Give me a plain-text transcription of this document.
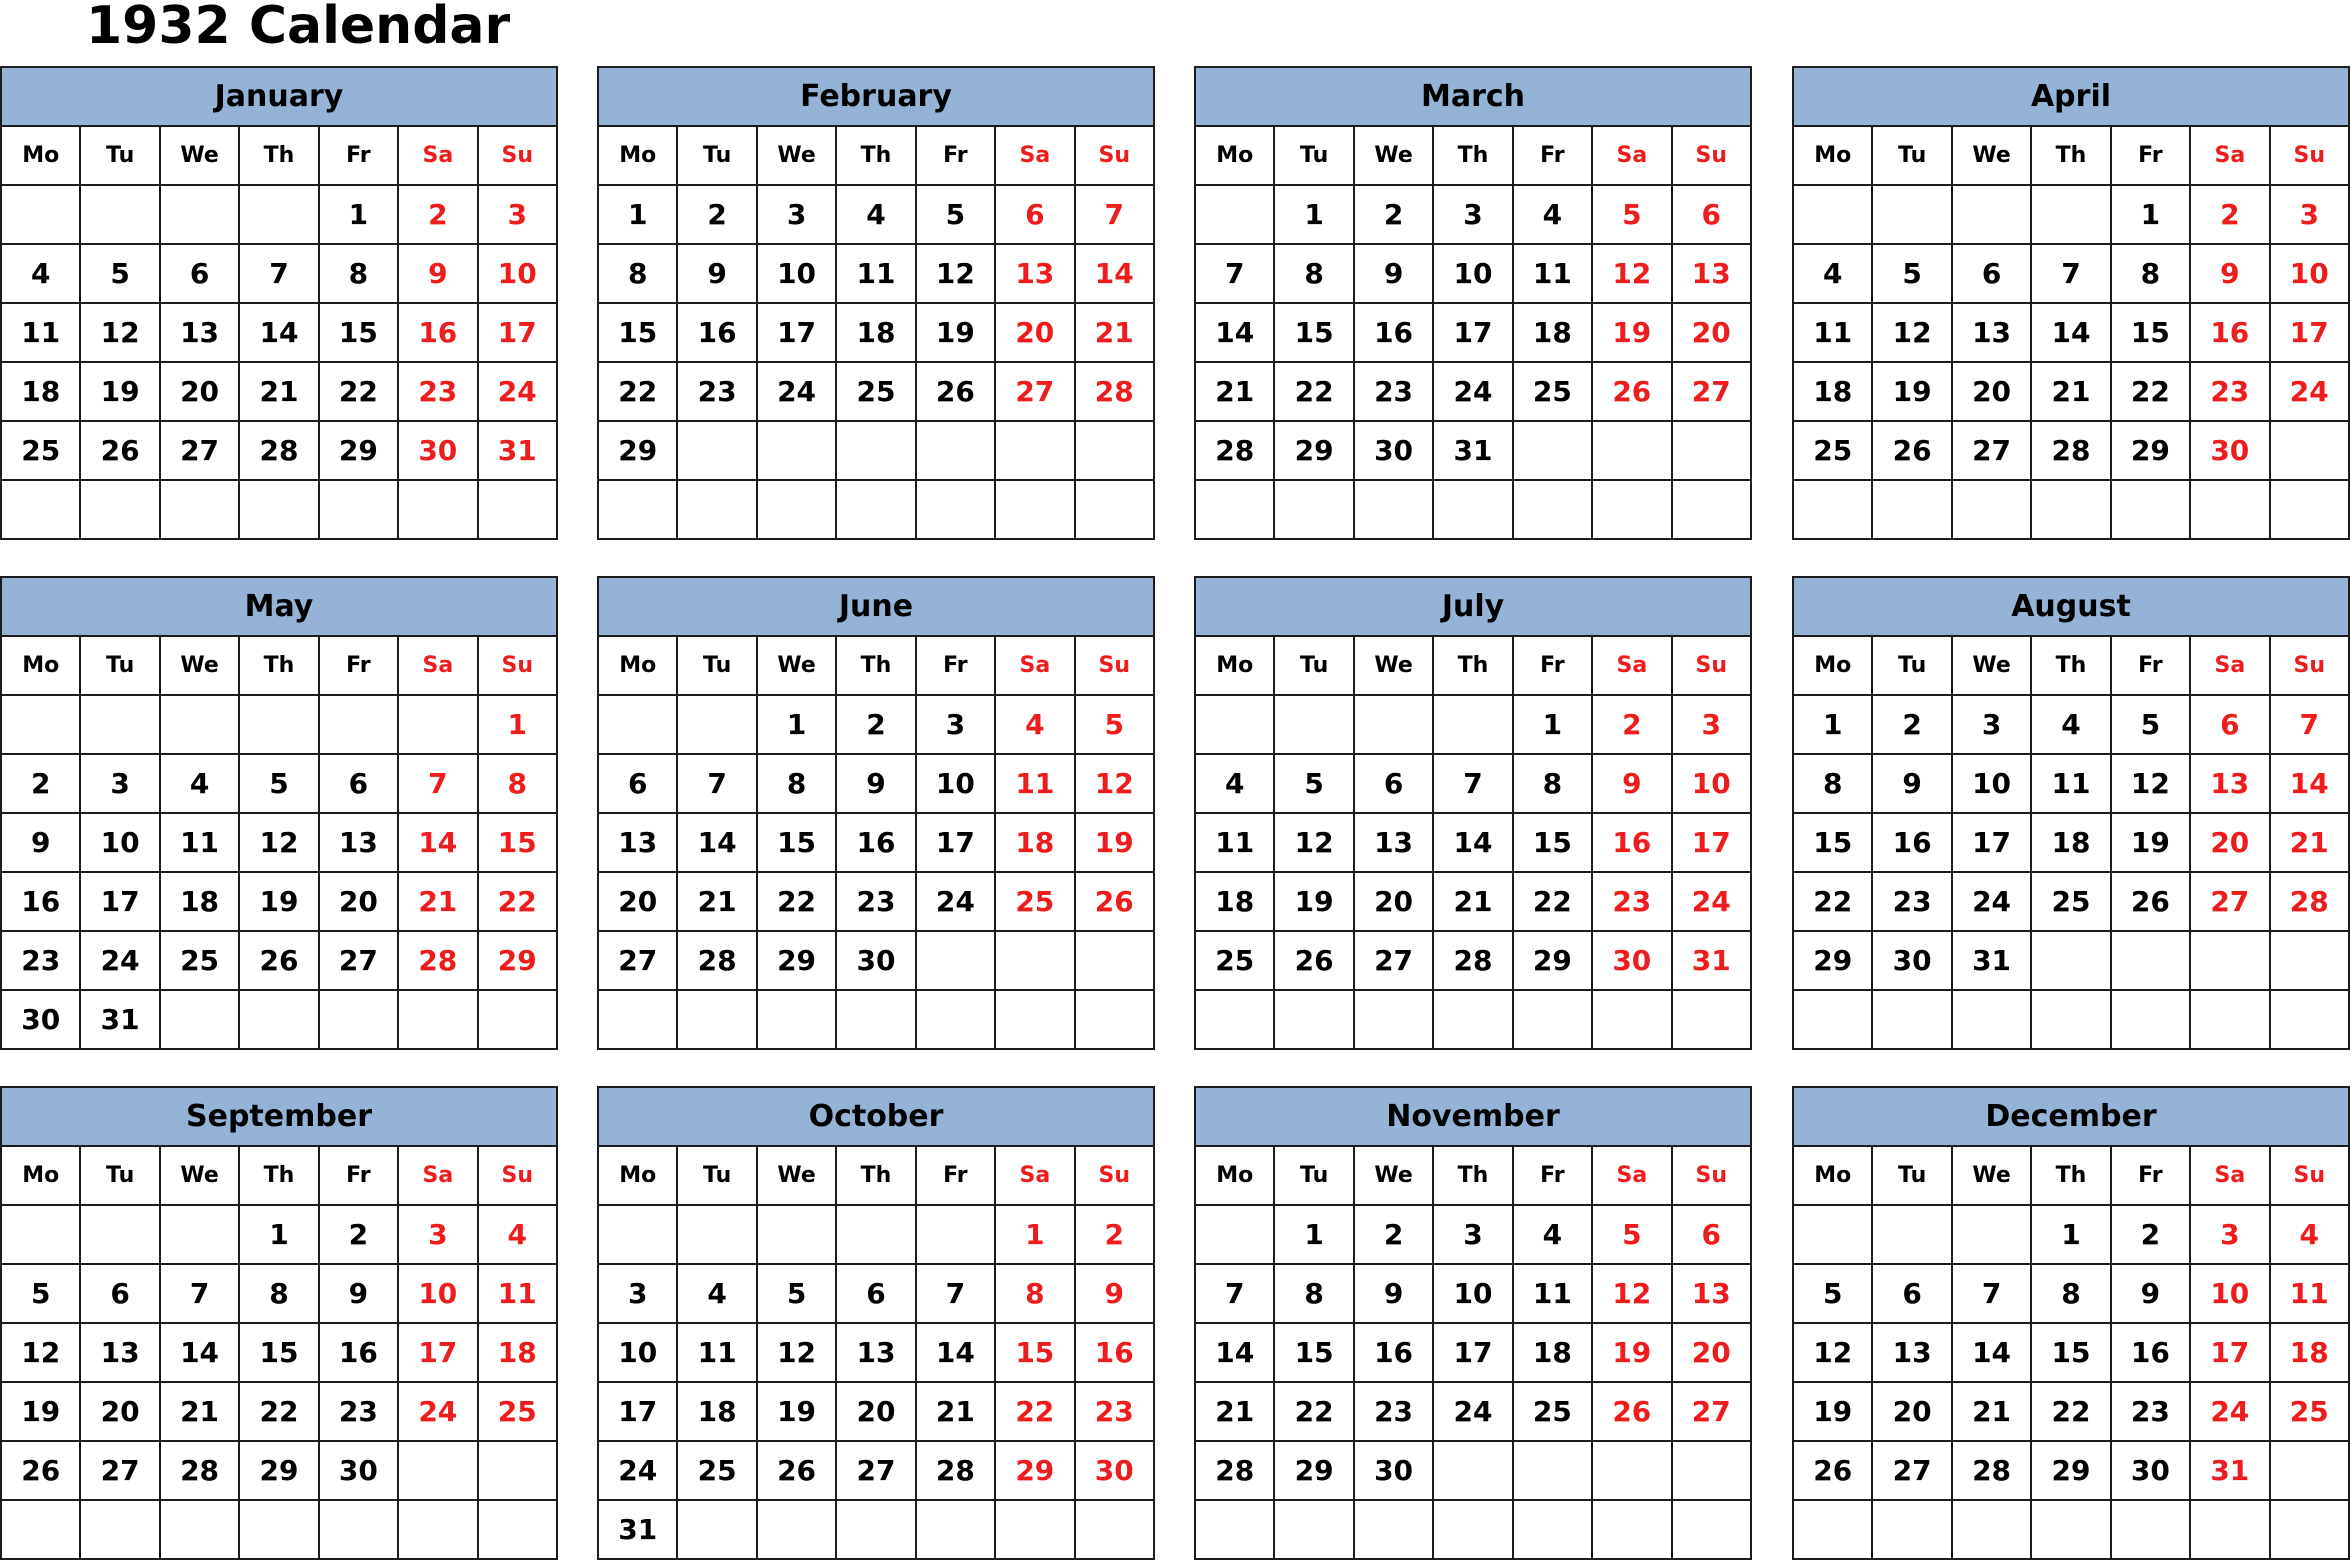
1932 Calendar
January						
Mo	Tu	We	Th	Fr	Sa	Su
				1	2	3
4	5	6	7	8	9	10
11	12	13	14	15	16	17
18	19	20	21	22	23	24
25	26	27	28	29	30	31

February						
Mo	Tu	We	Th	Fr	Sa	Su
1	2	3	4	5	6	7
8	9	10	11	12	13	14
15	16	17	18	19	20	21
22	23	24	25	26	27	28
29						

March						
Mo	Tu	We	Th	Fr	Sa	Su
	1	2	3	4	5	6
7	8	9	10	11	12	13
14	15	16	17	18	19	20
21	22	23	24	25	26	27
28	29	30	31			

April						
Mo	Tu	We	Th	Fr	Sa	Su
				1	2	3
4	5	6	7	8	9	10
11	12	13	14	15	16	17
18	19	20	21	22	23	24
25	26	27	28	29	30	

May						
Mo	Tu	We	Th	Fr	Sa	Su
						1
2	3	4	5	6	7	8
9	10	11	12	13	14	15
16	17	18	19	20	21	22
23	24	25	26	27	28	29
30	31					
June						
Mo	Tu	We	Th	Fr	Sa	Su
		1	2	3	4	5
6	7	8	9	10	11	12
13	14	15	16	17	18	19
20	21	22	23	24	25	26
27	28	29	30			

July						
Mo	Tu	We	Th	Fr	Sa	Su
				1	2	3
4	5	6	7	8	9	10
11	12	13	14	15	16	17
18	19	20	21	22	23	24
25	26	27	28	29	30	31

August						
Mo	Tu	We	Th	Fr	Sa	Su
1	2	3	4	5	6	7
8	9	10	11	12	13	14
15	16	17	18	19	20	21
22	23	24	25	26	27	28
29	30	31				

September						
Mo	Tu	We	Th	Fr	Sa	Su
			1	2	3	4
5	6	7	8	9	10	11
12	13	14	15	16	17	18
19	20	21	22	23	24	25
26	27	28	29	30		

October						
Mo	Tu	We	Th	Fr	Sa	Su
					1	2
3	4	5	6	7	8	9
10	11	12	13	14	15	16
17	18	19	20	21	22	23
24	25	26	27	28	29	30
31						
November						
Mo	Tu	We	Th	Fr	Sa	Su
	1	2	3	4	5	6
7	8	9	10	11	12	13
14	15	16	17	18	19	20
21	22	23	24	25	26	27
28	29	30				

December						
Mo	Tu	We	Th	Fr	Sa	Su
			1	2	3	4
5	6	7	8	9	10	11
12	13	14	15	16	17	18
19	20	21	22	23	24	25
26	27	28	29	30	31	
